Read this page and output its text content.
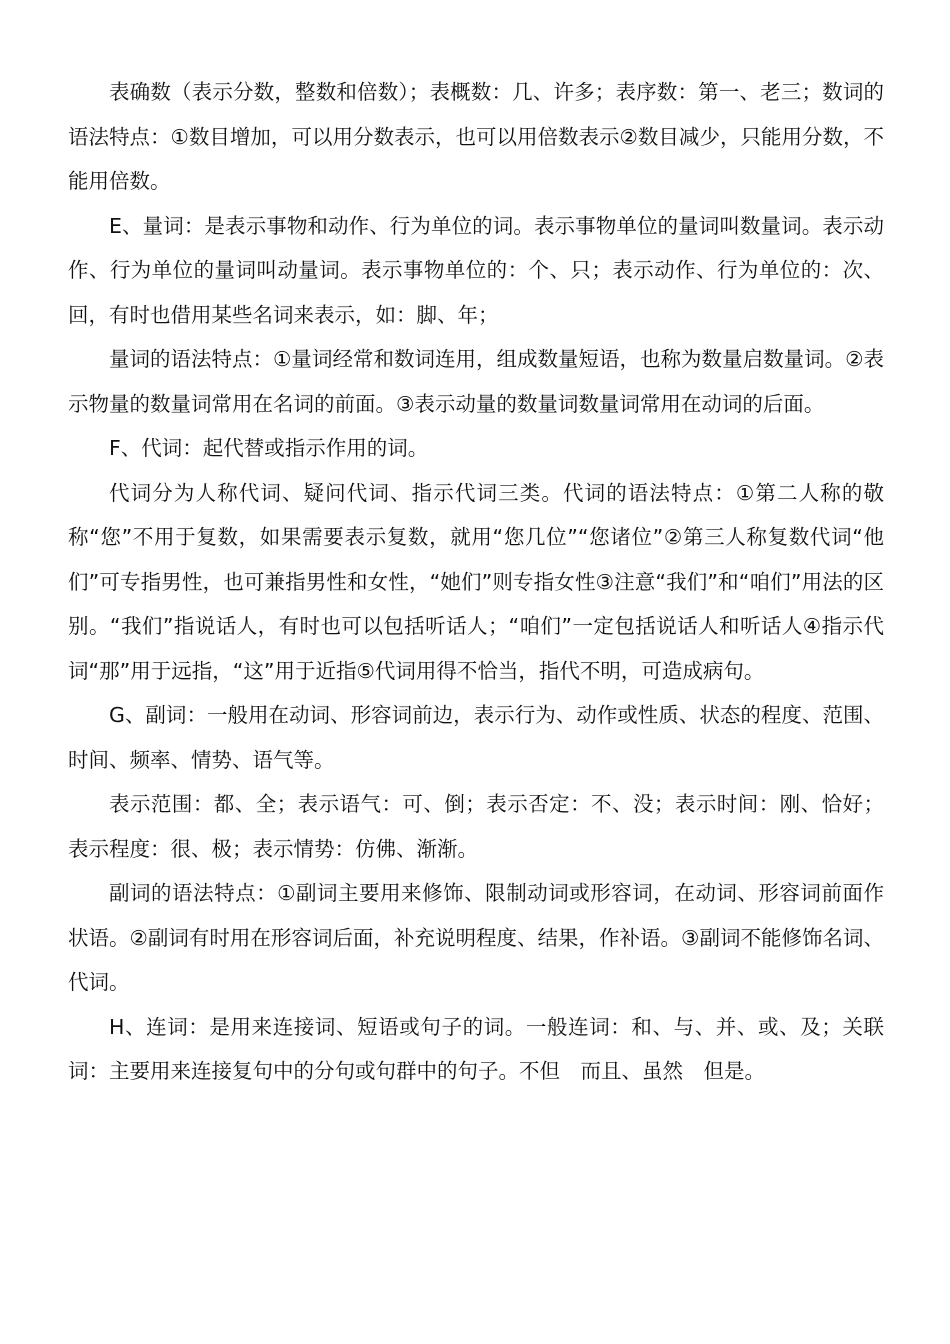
表确数（表示分数，整数和倍数）；表概数：几、许多；表序数：第一、老三；数词的语法特点：①数目增加，可以用分数表示，也可以用倍数表示②数目减少，只能用分数，不能用倍数。

E、量词：是表示事物和动作、行为单位的词。表示事物单位的量词叫数量词。表示动作、行为单位的量词叫动量词。表示事物单位的：个、只；表示动作、行为单位的：次、回，有时也借用某些名词来表示，如：脚、年；

量词的语法特点：①量词经常和数词连用，组成数量短语，也称为数量启数量词。②表示物量的数量词常用在名词的前面。③表示动量的数量词数量词常用在动词的后面。

F、代词：起代替或指示作用的词。

代词分为人称代词、疑问代词、指示代词三类。代词的语法特点：①第二人称的敬称“您”不用于复数，如果需要表示复数，就用“您几位”“您诸位”②第三人称复数代词“他们”可专指男性，也可兼指男性和女性，“她们”则专指女性③注意“我们”和“咱们”用法的区别。“我们”指说话人，有时也可以包括听话人；“咱们”一定包括说话人和听话人④指示代词“那”用于远指，“这”用于近指⑤代词用得不恰当，指代不明，可造成病句。

G、副词：一般用在动词、形容词前边，表示行为、动作或性质、状态的程度、范围、时间、频率、情势、语气等。

表示范围：都、全；表示语气：可、倒；表示否定：不、没；表示时间：刚、恰好；表示程度：很、极；表示情势：仿佛、渐渐。

副词的语法特点：①副词主要用来修饰、限制动词或形容词，在动词、形容词前面作状语。②副词有时用在形容词后面，补充说明程度、结果，作补语。③副词不能修饰名词、代词。

H、连词：是用来连接词、短语或句子的词。一般连词：和、与、并、或、及；关联词：主要用来连接复句中的分句或句群中的句子。不但　而且、虽然　但是。
